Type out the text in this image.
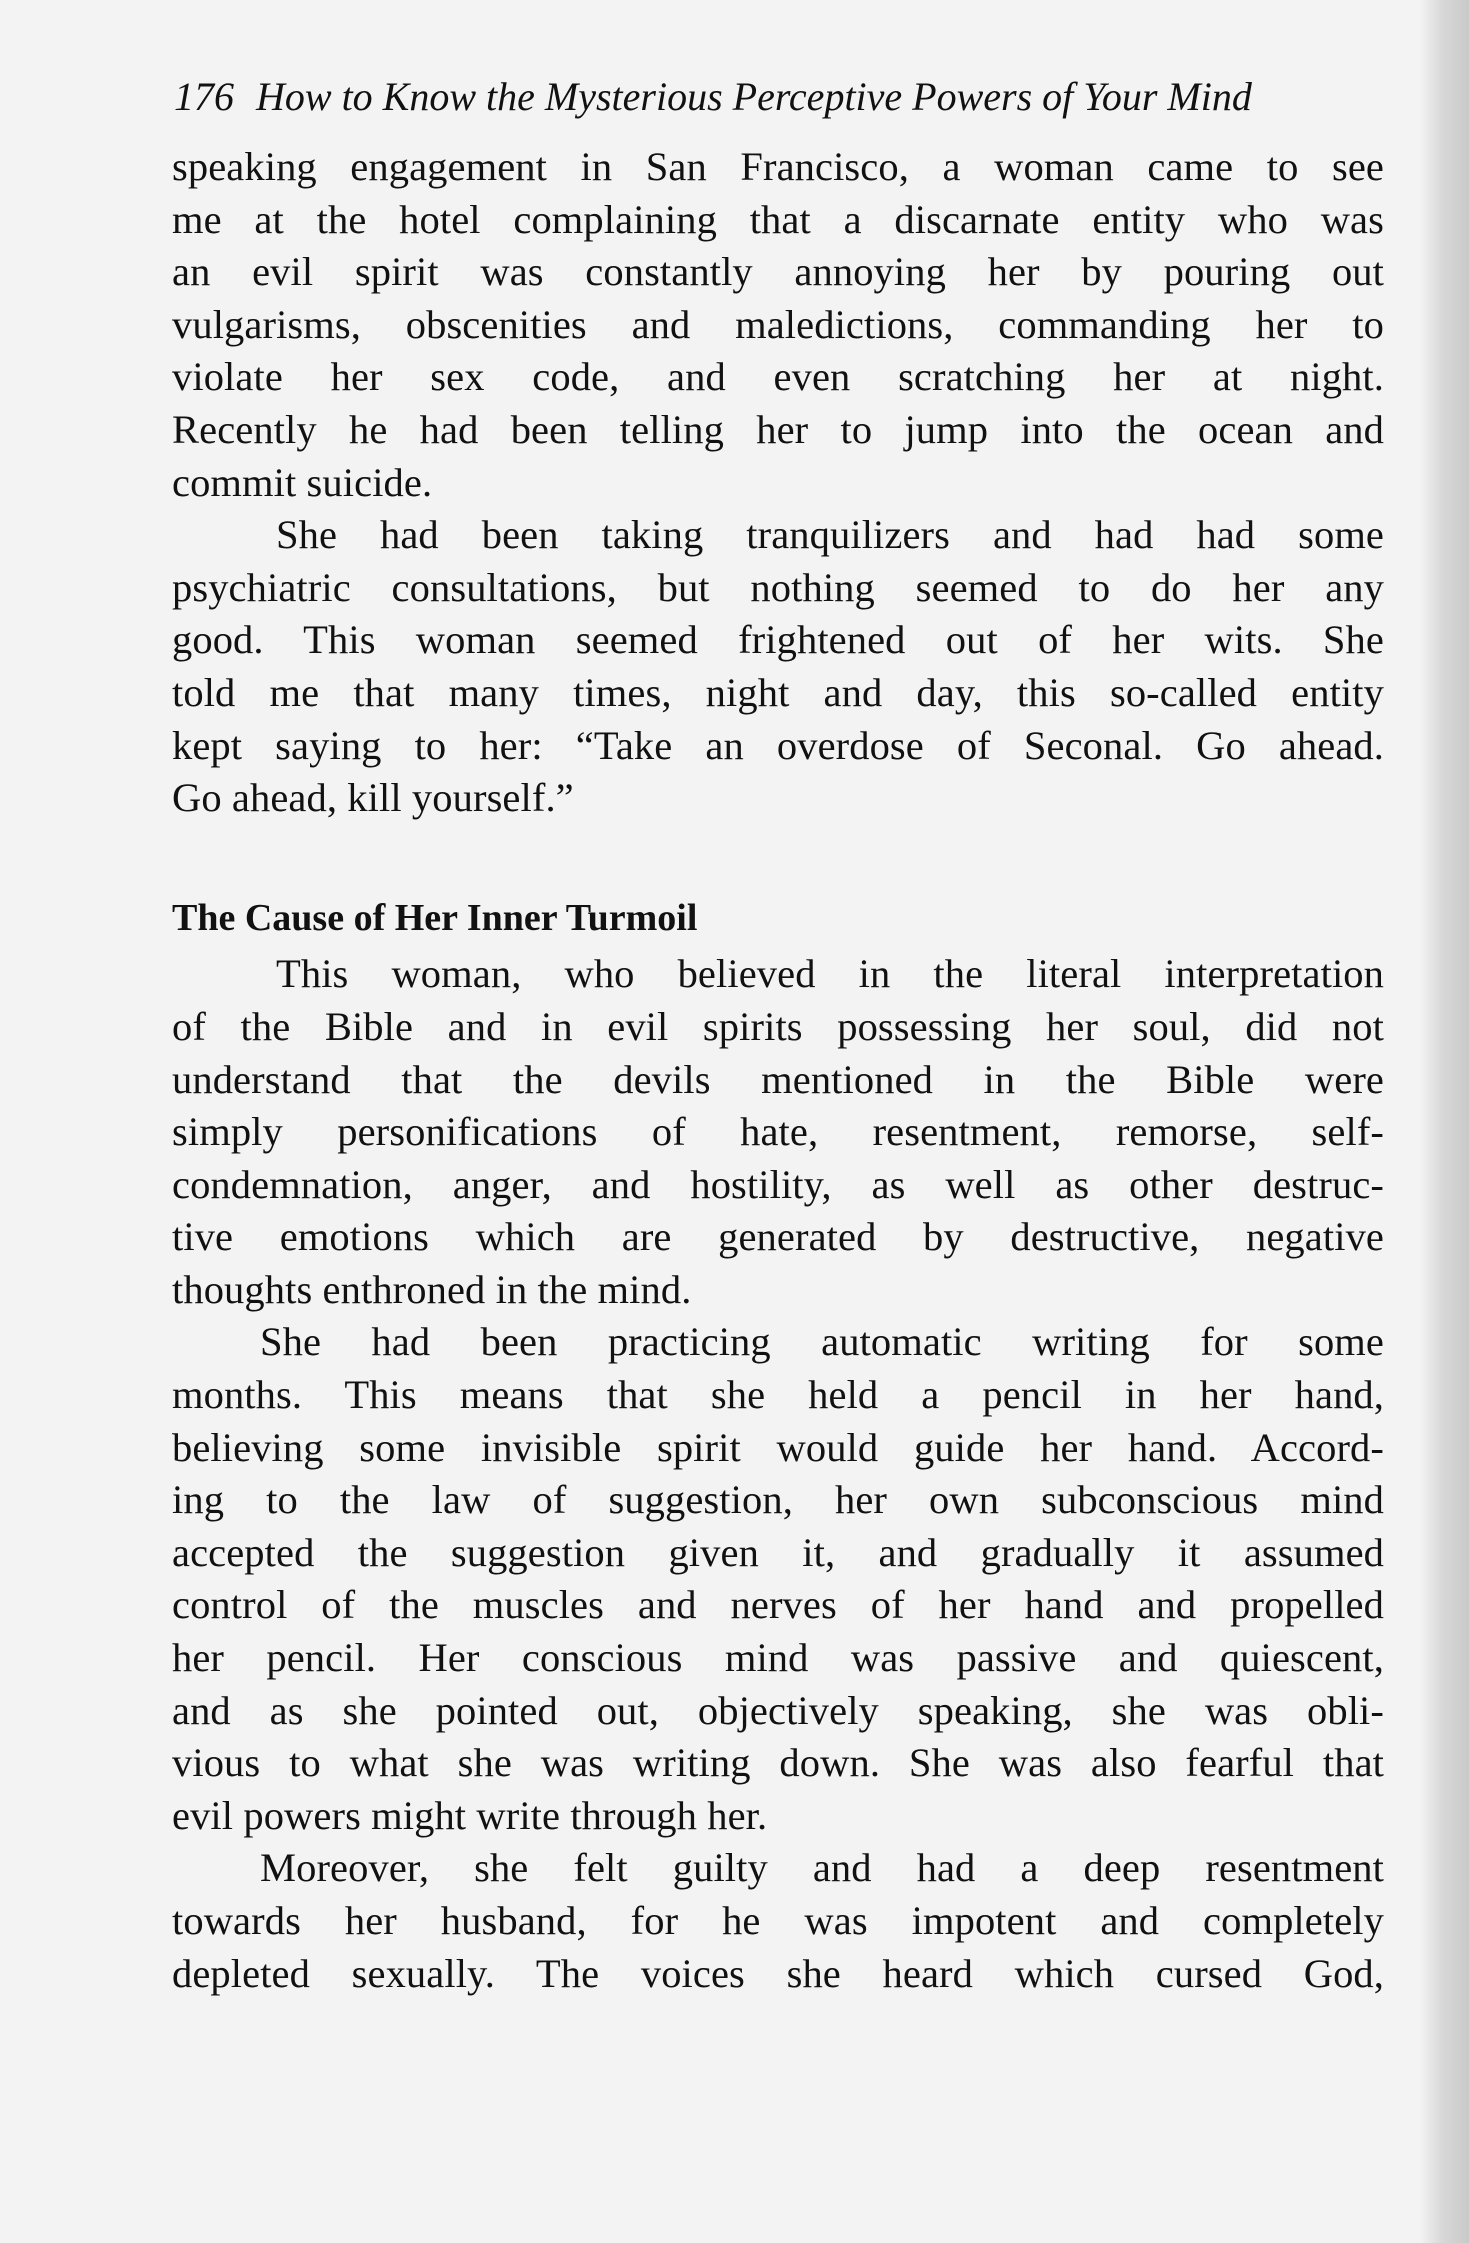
176 How to Know the Mysterious Perceptive Powers of Your Mind
speaking engagement in San Francisco, a woman came to see
me at the hotel complaining that a discarnate entity who was
an evil spirit was constantly annoying her by pouring out
vulgarisms, obscenities and maledictions, commanding her to
violate her sex code, and even scratching her at night.
Recently he had been telling her to jump into the ocean and
commit suicide.
She had been taking tranquilizers and had had some
psychiatric consultations, but nothing seemed to do her any
good. This woman seemed frightened out of her wits. She
told me that many times, night and day, this so-called entity
kept saying to her: “Take an overdose of Seconal. Go ahead.
Go ahead, kill yourself.”
The Cause of Her Inner Turmoil
This woman, who believed in the literal interpretation
of the Bible and in evil spirits possessing her soul, did not
understand that the devils mentioned in the Bible were
simply personifications of hate, resentment, remorse, self-
condemnation, anger, and hostility, as well as other destruc-
tive emotions which are generated by destructive, negative
thoughts enthroned in the mind.
She had been practicing automatic writing for some
months. This means that she held a pencil in her hand,
believing some invisible spirit would guide her hand. Accord-
ing to the law of suggestion, her own subconscious mind
accepted the suggestion given it, and gradually it assumed
control of the muscles and nerves of her hand and propelled
her pencil. Her conscious mind was passive and quiescent,
and as she pointed out, objectively speaking, she was obli-
vious to what she was writing down. She was also fearful that
evil powers might write through her.
Moreover, she felt guilty and had a deep resentment
towards her husband, for he was impotent and completely
depleted sexually. The voices she heard which cursed God,
